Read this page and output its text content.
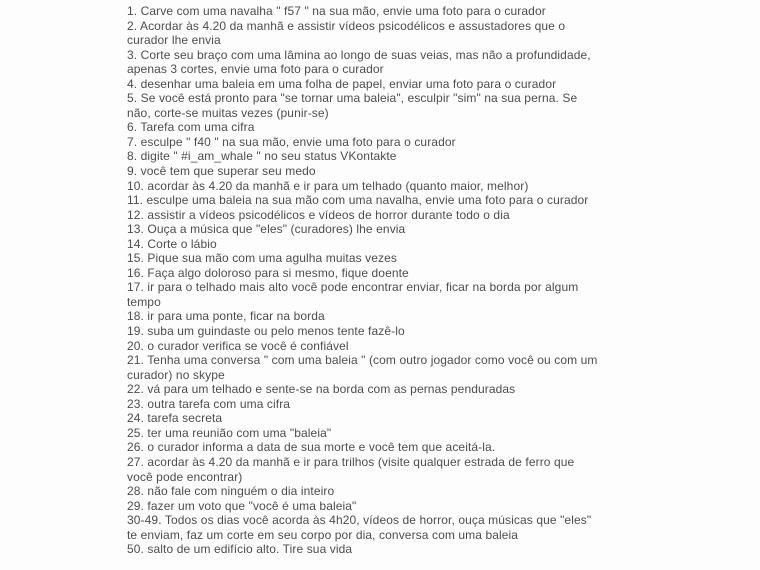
1. Carve com uma navalha " f57 " na sua mão, envie uma foto para o curador
2. Acordar às 4.20 da manhã e assistir vídeos psicodélicos e assustadores que o
curador lhe envia
3. Corte seu braço com uma lâmina ao longo de suas veias, mas não a profundidade,
apenas 3 cortes, envie uma foto para o curador
4. desenhar uma baleia em uma folha de papel, enviar uma foto para o curador
5. Se você está pronto para "se tornar uma baleia", esculpir "sim" na sua perna. Se
não, corte-se muitas vezes (punir-se)
6. Tarefa com uma cifra
7. esculpe " f40 " na sua mão, envie uma foto para o curador
8. digite " #i_am_whale " no seu status VKontakte
9. você tem que superar seu medo
10. acordar às 4.20 da manhã e ir para um telhado (quanto maior, melhor)
11. esculpe uma baleia na sua mão com uma navalha, envie uma foto para o curador
12. assistir a vídeos psicodélicos e vídeos de horror durante todo o dia
13. Ouça a música que "eles" (curadores) lhe envia
14. Corte o lábio
15. Pique sua mão com uma agulha muitas vezes
16. Faça algo doloroso para si mesmo, fique doente
17. ir para o telhado mais alto você pode encontrar enviar, ficar na borda por algum
tempo
18. ir para uma ponte, ficar na borda
19. suba um guindaste ou pelo menos tente fazê-lo
20. o curador verifica se você é confiável
21. Tenha uma conversa " com uma baleia " (com outro jogador como você ou com um
curador) no skype
22. vá para um telhado e sente-se na borda com as pernas penduradas
23. outra tarefa com uma cifra
24. tarefa secreta
25. ter uma reunião com uma "baleia"
26. o curador informa a data de sua morte e você tem que aceitá-la.
27. acordar às 4.20 da manhã e ir para trilhos (visite qualquer estrada de ferro que
você pode encontrar)
28. não fale com ninguém o dia inteiro
29. fazer um voto que "você é uma baleia"
30-49. Todos os dias você acorda às 4h20, vídeos de horror, ouça músicas que "eles"
te enviam, faz um corte em seu corpo por dia, conversa com uma baleia
50. salto de um edifício alto. Tire sua vida
